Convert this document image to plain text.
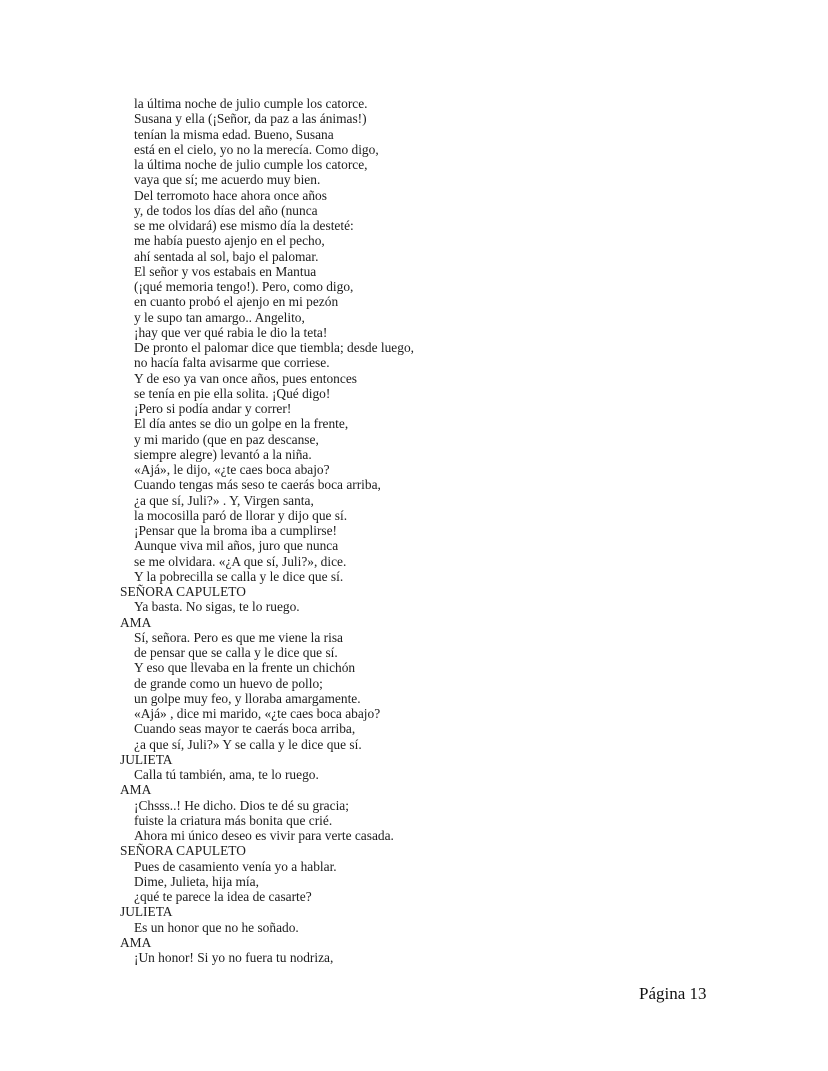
la última noche de julio cumple los catorce.
Susana y ella (¡Señor, da paz a las ánimas!)
tenían la misma edad. Bueno, Susana
está en el cielo, yo no la merecía. Como digo,
la última noche de julio cumple los catorce,
vaya que sí; me acuerdo muy bien.
Del terromoto hace ahora once años
y, de todos los días del año (nunca
se me olvidará) ese mismo día la desteté:
me había puesto ajenjo en el pecho,
ahí sentada al sol, bajo el palomar.
El señor y vos estabais en Mantua
(¡qué memoria tengo!). Pero, como digo,
en cuanto probó el ajenjo en mi pezón
y le supo tan amargo.. Angelito,
¡hay que ver qué rabia le dio la teta!
De pronto el palomar dice que tiembla; desde luego,
no hacía falta avisarme que corriese.
Y de eso ya van once años, pues entonces
se tenía en pie ella solita. ¡Qué digo!
¡Pero si podía andar y correr!
El día antes se dio un golpe en la frente,
y mi marido (que en paz descanse,
siempre alegre) levantó a la niña.
«Ajá», le dijo, «¿te caes boca abajo?
Cuando tengas más seso te caerás boca arriba,
¿a que sí, Juli?» . Y, Virgen santa,
la mocosilla paró de llorar y dijo que sí.
¡Pensar que la broma iba a cumplirse!
Aunque viva mil años, juro que nunca
se me olvidara. «¿A que sí, Juli?», dice.
Y la pobrecilla se calla y le dice que sí.
SEÑORA CAPULETO
Ya basta. No sigas, te lo ruego.
AMA
Sí, señora. Pero es que me viene la risa
de pensar que se calla y le dice que sí.
Y eso que llevaba en la frente un chichón
de grande como un huevo de pollo;
un golpe muy feo, y lloraba amargamente.
«Ajá» , dice mi marido, «¿te caes boca abajo?
Cuando seas mayor te caerás boca arriba,
¿a que sí, Juli?» Y se calla y le dice que sí.
JULIETA
Calla tú también, ama, te lo ruego.
AMA
¡Chsss..! He dicho. Dios te dé su gracia;
fuiste la criatura más bonita que crié.
Ahora mi único deseo es vivir para verte casada.
SEÑORA CAPULETO
Pues de casamiento venía yo a hablar.
Dime, Julieta, hija mía,
¿qué te parece la idea de casarte?
JULIETA
Es un honor que no he soñado.
AMA
¡Un honor! Si yo no fuera tu nodriza,
Página 13
